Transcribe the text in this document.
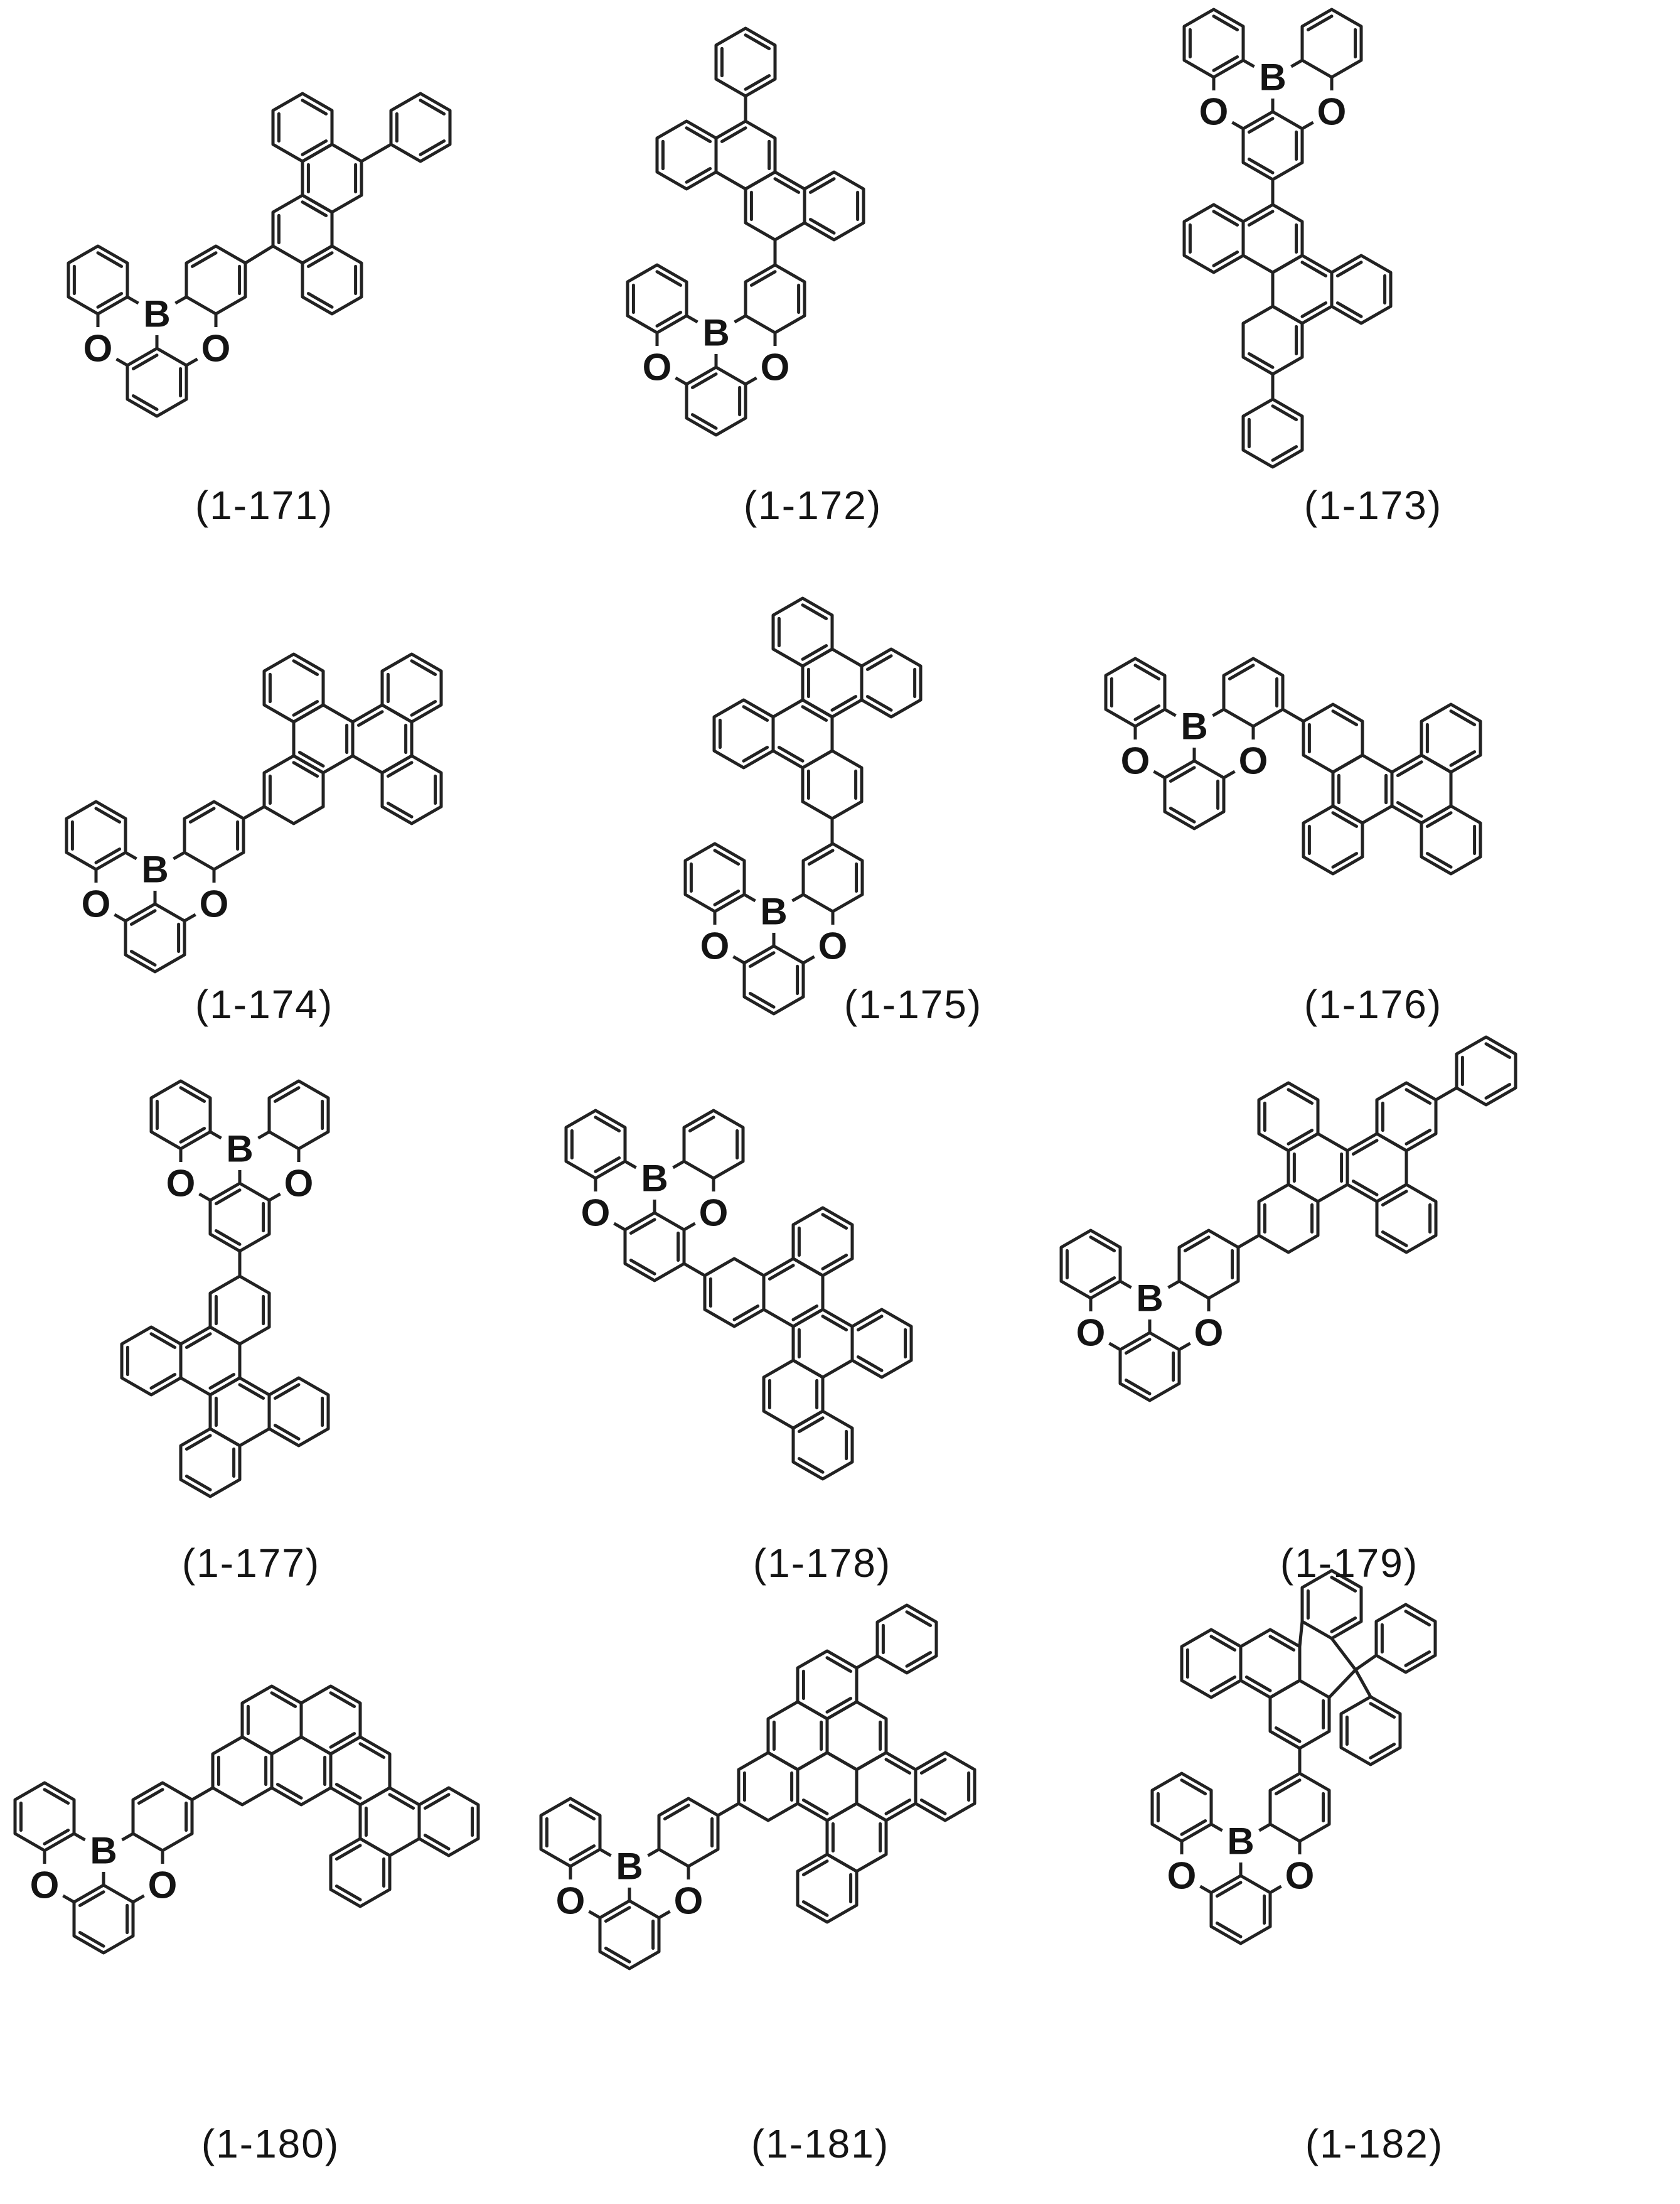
B
O O	B
O O
B
O O
B
O O	B
O O
B
O O
B
O O	B
O O
B
O O
B
O O	B
O O
B
O O
(1-171)	(1-172)	(1-173)
(1-174)	(1-175)	(1-176)
(1-177)	(1-178)	(1-179)
(1-180)	(1-181)	(1-182)
